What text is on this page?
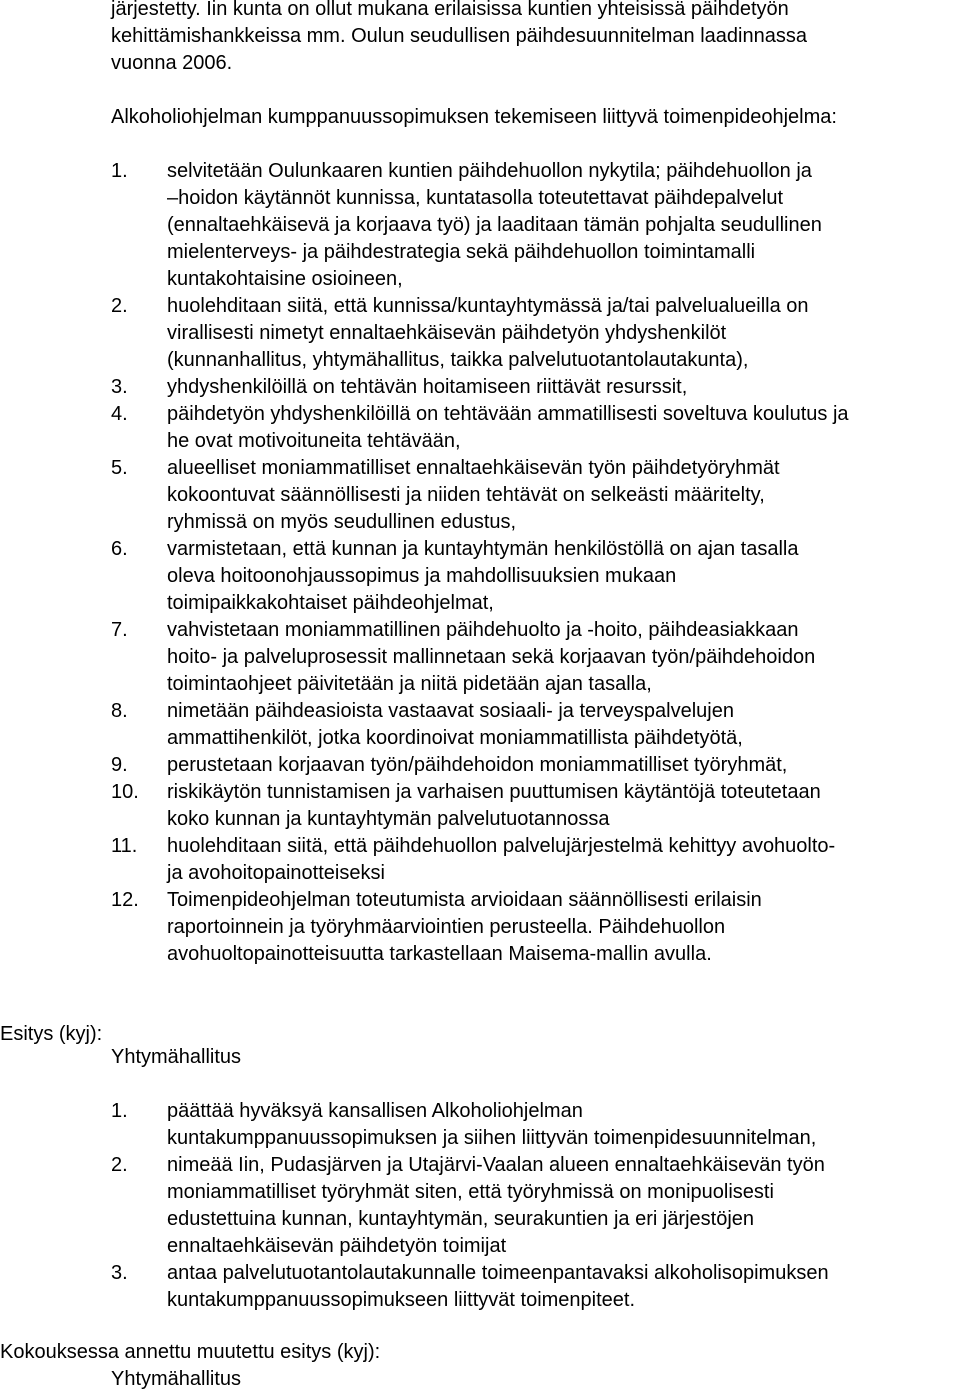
järjestetty. Iin kunta on ollut mukana erilaisissa kuntien yhteisissä päihdetyön
kehittämishankkeissa mm. Oulun seudullisen päihdesuunnitelman laadinnassa
vuonna 2006.
Alkoholiohjelman kumppanuussopimuksen tekemiseen liittyvä toimenpideohjelma:
1. selvitetään Oulunkaaren kuntien päihdehuollon nykytila; päihdehuollon ja
–hoidon käytännöt kunnissa, kuntatasolla toteutettavat päihdepalvelut
(ennaltaehkäisevä ja korjaava työ) ja laaditaan tämän pohjalta seudullinen
mielenterveys- ja päihdestrategia sekä päihdehuollon toimintamalli
kuntakohtaisine osioineen,
2. huolehditaan siitä, että kunnissa/kuntayhtymässä ja/tai palvelualueilla on
virallisesti nimetyt ennaltaehkäisevän päihdetyön yhdyshenkilöt
(kunnanhallitus, yhtymähallitus, taikka palvelutuotantolautakunta),
3. yhdyshenkilöillä on tehtävän hoitamiseen riittävät resurssit,
4. päihdetyön yhdyshenkilöillä on tehtävään ammatillisesti soveltuva koulutus ja
he ovat motivoituneita tehtävään,
5. alueelliset moniammatilliset ennaltaehkäisevän työn päihdetyöryhmät
kokoontuvat säännöllisesti ja niiden tehtävät on selkeästi määritelty,
ryhmissä on myös seudullinen edustus,
6. varmistetaan, että kunnan ja kuntayhtymän henkilöstöllä on ajan tasalla
oleva hoitoonohjaussopimus ja mahdollisuuksien mukaan
toimipaikkakohtaiset päihdeohjelmat,
7. vahvistetaan moniammatillinen päihdehuolto ja -hoito, päihdeasiakkaan
hoito- ja palveluprosessit mallinnetaan sekä korjaavan työn/päihdehoidon
toimintaohjeet päivitetään ja niitä pidetään ajan tasalla,
8. nimetään päihdeasioista vastaavat sosiaali- ja terveyspalvelujen
ammattihenkilöt, jotka koordinoivat moniammatillista päihdetyötä,
9. perustetaan korjaavan työn/päihdehoidon moniammatilliset työryhmät,
10. riskikäytön tunnistamisen ja varhaisen puuttumisen käytäntöjä toteutetaan
koko kunnan ja kuntayhtymän palvelutuotannossa
11. huolehditaan siitä, että päihdehuollon palvelujärjestelmä kehittyy avohuolto-
ja avohoitopainotteiseksi
12. Toimenpideohjelman toteutumista arvioidaan säännöllisesti erilaisin
raportoinnein ja työryhmäarviointien perusteella. Päihdehuollon
avohuoltopainotteisuutta tarkastellaan Maisema-mallin avulla.
Esitys (kyj):
Yhtymähallitus
1. päättää hyväksyä kansallisen Alkoholiohjelman
kuntakumppanuussopimuksen ja siihen liittyvän toimenpidesuunnitelman,
2. nimeää Iin, Pudasjärven ja Utajärvi-Vaalan alueen ennaltaehkäisevän työn
moniammatilliset työryhmät siten, että työryhmissä on monipuolisesti
edustettuina kunnan, kuntayhtymän, seurakuntien ja eri järjestöjen
ennaltaehkäisevän päihdetyön toimijat
3. antaa palvelutuotantolautakunnalle toimeenpantavaksi alkoholisopimuksen
kuntakumppanuussopimukseen liittyvät toimenpiteet.
Kokouksessa annettu muutettu esitys (kyj):
Yhtymähallitus
